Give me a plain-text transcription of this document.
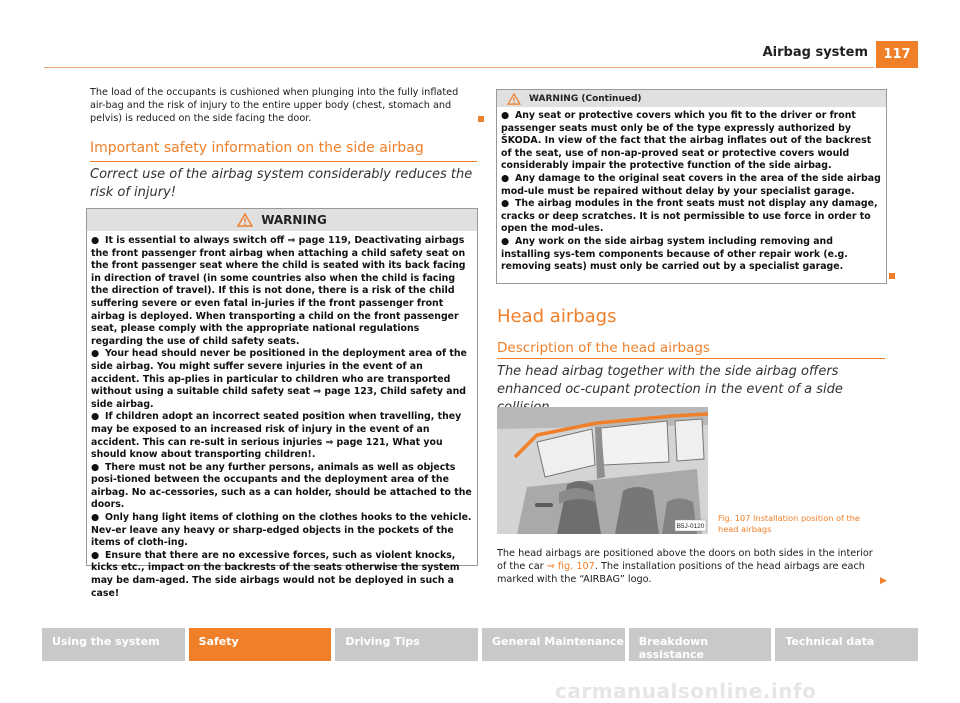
Airbag system	117
The load of the occupants is cushioned when plunging into the fully inflated air-bag and the risk of injury to the entire upper body (chest, stomach and pelvis) is reduced on the side facing the door.
Important safety information on the side airbag
Correct use of the airbag system considerably reduces the risk of injury!
WARNING

● It is essential to always switch off ⇒ page 119, Deactivating airbags the front passenger front airbag when attaching a child safety seat on the front passenger seat where the child is seated with its back facing in direction of travel (in some countries also when the child is facing the direction of travel). If this is not done, there is a risk of the child suffering severe or even fatal in-juries if the front passenger front airbag is deployed. When transporting a child on the front passenger seat, please comply with the appropriate national regulations regarding the use of child safety seats.

● Your head should never be positioned in the deployment area of the side airbag. You might suffer severe injuries in the event of an accident. This ap-plies in particular to children who are transported without using a suitable child safety seat ⇒ page 123, Child safety and side airbag.

● If children adopt an incorrect seated position when travelling, they may be exposed to an increased risk of injury in the event of an accident. This can re-sult in serious injuries ⇒ page 121, What you should know about transporting children!.

● There must not be any further persons, animals as well as objects posi-tioned between the occupants and the deployment area of the airbag. No ac-cessories, such as a can holder, should be attached to the doors.

● Only hang light items of clothing on the clothes hooks to the vehicle. Nev-er leave any heavy or sharp-edged objects in the pockets of the items of cloth-ing.

● Ensure that there are no excessive forces, such as violent knocks, kicks etc., impact on the backrests of the seats otherwise the system may be dam-aged. The side airbags would not be deployed in such a case!

WARNING (Continued)

● Any seat or protective covers which you fit to the driver or front passenger seats must only be of the type expressly authorized by ŠKODA. In view of the fact that the airbag inflates out of the backrest of the seat, use of non-ap-proved seat or protective covers would considerably impair the protective function of the side airbag.

● Any damage to the original seat covers in the area of the side airbag mod-ule must be repaired without delay by your specialist garage.

● The airbag modules in the front seats must not display any damage, cracks or deep scratches. It is not permissible to use force in order to open the mod-ules.

● Any work on the side airbag system including removing and installing sys-tem components because of other repair work (e.g. removing seats) must only be carried out by a specialist garage.

Head airbags
Description of the head airbags
The head airbag together with the side airbag offers enhanced oc-cupant protection in the event of a side
B5J-0120
Fig. 107 Installation position of the head airbags
The head airbags are positioned above the doors on both sides in the interior of the car ⇒ fig. 107. The installation positions of the head airbags are each marked with the “AIRBAG” logo.	▶
Using the system	Safety	Driving Tips	General Maintenance	Breakdown assistance
Technical data
carmanualsonline.info
